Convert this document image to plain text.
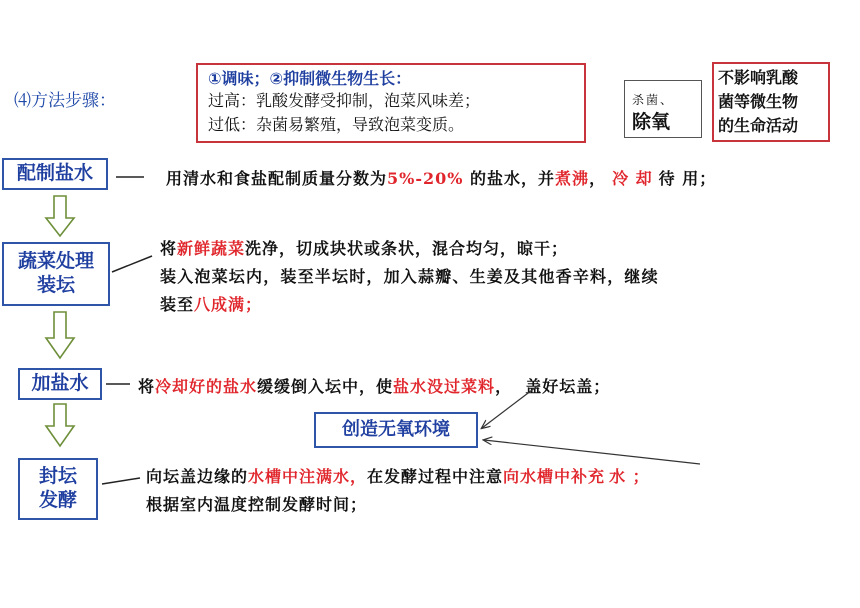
⑷方法步骤：
①调味；②抑制微生物生长：
过高：乳酸发酵受抑制，泡菜风味差；
过低：杂菌易繁殖，导致泡菜变质。
杀菌、
除氧
不影响乳酸
菌等微生物
的生命活动
配制盐水
蔬菜处理
装坛
加盐水
封坛
发酵
创造无氧环境
用清水和食盐配制质量分数为5%-20% 的盐水，并煮沸， 冷 却 待 用；
将新鲜蔬菜洗净，切成块状或条状，混合均匀，晾干；
装入泡菜坛内，装至半坛时，加入蒜瓣、生姜及其他香辛料，继续
装至八成满；
将冷却好的盐水缓缓倒入坛中，使盐水没过菜料，  盖好坛盖；
向坛盖边缘的水槽中注满水，在发酵过程中注意向水槽中补充 水 ；
根据室内温度控制发酵时间；
